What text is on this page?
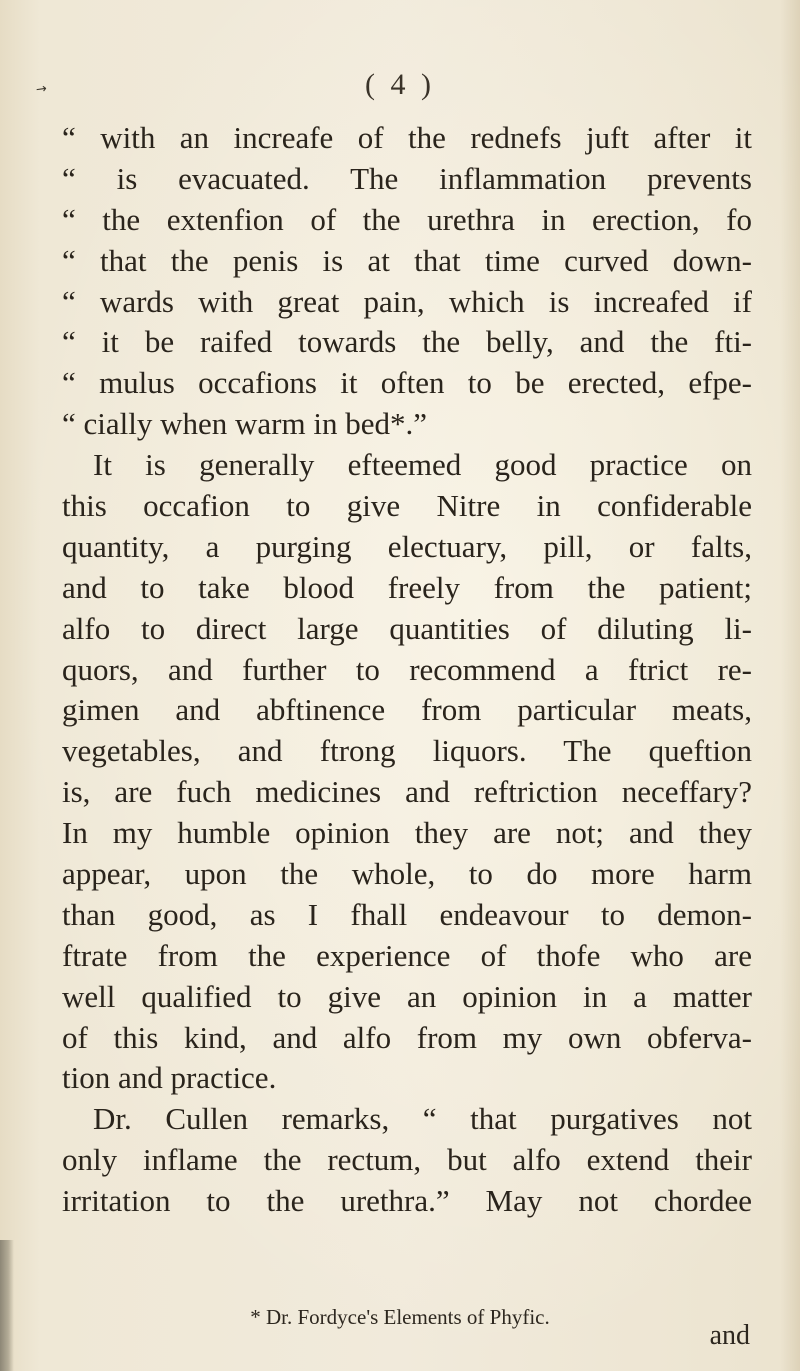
→	( 4 )
“ with an increafe of the rednefs juft after it
“ is evacuated. The inflammation prevents
“ the extenfion of the urethra in erection, fo
“ that the penis is at that time curved down-
“ wards with great pain, which is increafed if
“ it be raifed towards the belly, and the fti-
“ mulus occafions it often to be erected, efpe-
“ cially when warm in bed*.”
It is generally efteemed good practice on
this occafion to give Nitre in confiderable
quantity, a purging electuary, pill, or falts,
and to take blood freely from the patient;
alfo to direct large quantities of diluting li-
quors, and further to recommend a ftrict re-
gimen and abftinence from particular meats,
vegetables, and ftrong liquors. The queftion
is, are fuch medicines and reftriction neceffary?
In my humble opinion they are not; and they
appear, upon the whole, to do more harm
than good, as I fhall endeavour to demon-
ftrate from the experience of thofe who are
well qualified to give an opinion in a matter
of this kind, and alfo from my own obferva-
tion and practice.
Dr. Cullen remarks, “ that purgatives not
only inflame the rectum, but alfo extend their
irritation to the urethra.” May not chordee
* Dr. Fordyce's Elements of Phyfic.
and
